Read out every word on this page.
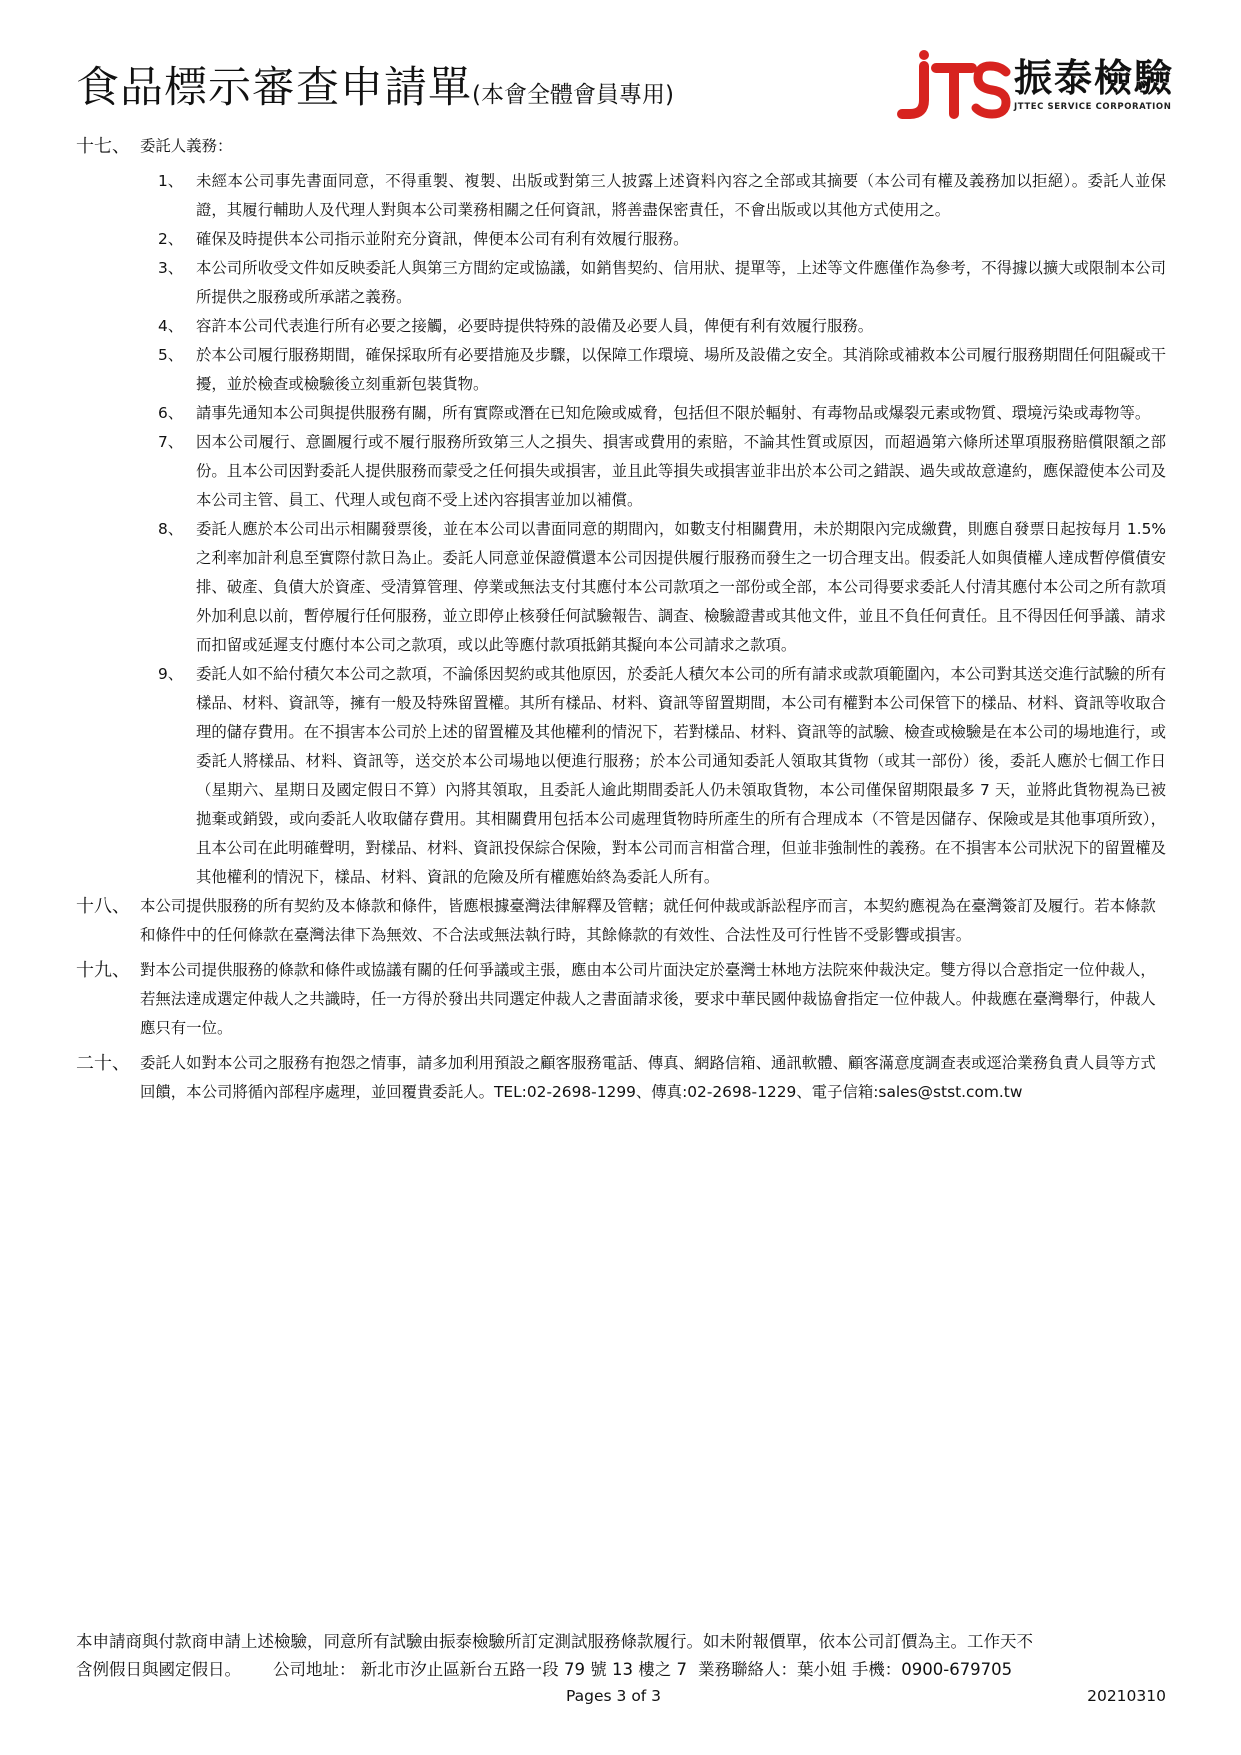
食品標示審查申請單(本會全體會員專用)
JTS
振泰檢驗
JTTEC SERVICE CORPORATION
十七、 委託人義務：
1、 未經本公司事先書面同意，不得重製、複製、出版或對第三人披露上述資料內容之全部或其摘要（本公司有權及義務加以拒絕）。委託人並保證，其履行輔助人及代理人對與本公司業務相關之任何資訊，將善盡保密責任，不會出版或以其他方式使用之。
2、 確保及時提供本公司指示並附充分資訊，俾便本公司有利有效履行服務。
3、 本公司所收受文件如反映委託人與第三方間約定或協議，如銷售契約、信用狀、提單等，上述等文件應僅作為參考，不得據以擴大或限制本公司所提供之服務或所承諾之義務。
4、 容許本公司代表進行所有必要之接觸，必要時提供特殊的設備及必要人員，俾便有利有效履行服務。
5、 於本公司履行服務期間，確保採取所有必要措施及步驟，以保障工作環境、場所及設備之安全。其消除或補救本公司履行服務期間任何阻礙或干擾，並於檢查或檢驗後立刻重新包裝貨物。
6、 請事先通知本公司與提供服務有關，所有實際或潛在已知危險或威脅，包括但不限於輻射、有毒物品或爆裂元素或物質、環境污染或毒物等。
7、 因本公司履行、意圖履行或不履行服務所致第三人之損失、損害或費用的索賠，不論其性質或原因，而超過第六條所述單項服務賠償限額之部份。且本公司因對委託人提供服務而蒙受之任何損失或損害，並且此等損失或損害並非出於本公司之錯誤、過失或故意違約，應保證使本公司及本公司主管、員工、代理人或包商不受上述內容損害並加以補償。
8、 委託人應於本公司出示相關發票後，並在本公司以書面同意的期間內，如數支付相關費用，未於期限內完成繳費，則應自發票日起按每月 1.5%之利率加計利息至實際付款日為止。委託人同意並保證償還本公司因提供履行服務而發生之一切合理支出。假委託人如與債權人達成暫停償債安排、破產、負債大於資產、受清算管理、停業或無法支付其應付本公司款項之一部份或全部，本公司得要求委託人付清其應付本公司之所有款項外加利息以前，暫停履行任何服務，並立即停止核發任何試驗報告、調查、檢驗證書或其他文件，並且不負任何責任。且不得因任何爭議、請求而扣留或延遲支付應付本公司之款項，或以此等應付款項抵銷其擬向本公司請求之款項。
9、 委託人如不給付積欠本公司之款項，不論係因契約或其他原因，於委託人積欠本公司的所有請求或款項範圍內，本公司對其送交進行試驗的所有樣品、材料、資訊等，擁有一般及特殊留置權。其所有樣品、材料、資訊等留置期間，本公司有權對本公司保管下的樣品、材料、資訊等收取合理的儲存費用。在不損害本公司於上述的留置權及其他權利的情況下，若對樣品、材料、資訊等的試驗、檢查或檢驗是在本公司的場地進行，或委託人將樣品、材料、資訊等，送交於本公司場地以便進行服務；於本公司通知委託人領取其貨物（或其一部份）後，委託人應於七個工作日（星期六、星期日及國定假日不算）內將其領取，且委託人逾此期間委託人仍未領取貨物，本公司僅保留期限最多 7 天，並將此貨物視為已被拋棄或銷毀，或向委託人收取儲存費用。其相關費用包括本公司處理貨物時所產生的所有合理成本（不管是因儲存、保險或是其他事項所致），且本公司在此明確聲明，對樣品、材料、資訊投保綜合保險，對本公司而言相當合理，但並非強制性的義務。在不損害本公司狀況下的留置權及其他權利的情況下，樣品、材料、資訊的危險及所有權應始終為委託人所有。
十八、 本公司提供服務的所有契約及本條款和條件，皆應根據臺灣法律解釋及管轄；就任何仲裁或訴訟程序而言，本契約應視為在臺灣簽訂及履行。若本條款和條件中的任何條款在臺灣法律下為無效、不合法或無法執行時，其餘條款的有效性、合法性及可行性皆不受影響或損害。
十九、 對本公司提供服務的條款和條件或協議有關的任何爭議或主張，應由本公司片面決定於臺灣士林地方法院來仲裁決定。雙方得以合意指定一位仲裁人，若無法達成選定仲裁人之共識時，任一方得於發出共同選定仲裁人之書面請求後，要求中華民國仲裁協會指定一位仲裁人。仲裁應在臺灣舉行，仲裁人應只有一位。
二十、 委託人如對本公司之服務有抱怨之情事，請多加利用預設之顧客服務電話、傳真、網路信箱、通訊軟體、顧客滿意度調查表或逕洽業務負責人員等方式回饋，本公司將循內部程序處理，並回覆貴委託人。TEL:02-2698-1299、傳真:02-2698-1229、電子信箱:sales@stst.com.tw
本申請商與付款商申請上述檢驗，同意所有試驗由振泰檢驗所訂定測試服務條款履行。如未附報價單，依本公司訂價為主。工作天不
含例假日與國定假日。 公司地址： 新北市汐止區新台五路一段 79 號 13 樓之 7 業務聯絡人：葉小姐 手機：0900-679705
Pages 3 of 3	20210310
